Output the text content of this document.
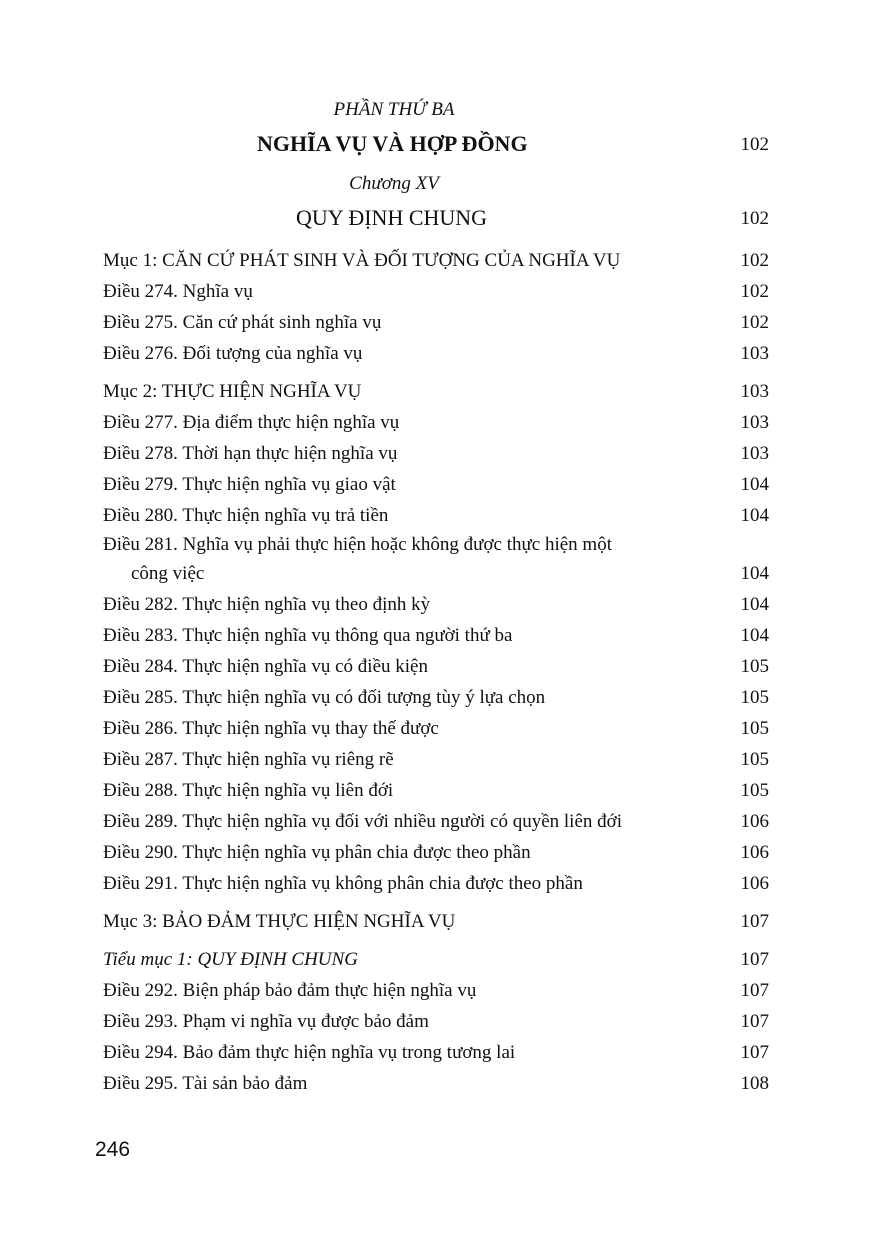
PHẦN THỨ BA
NGHĨA VỤ VÀ HỢP ĐỒNG	102
Chương XV
QUY ĐỊNH CHUNG	102
Mục 1: CĂN CỨ PHÁT SINH VÀ ĐỐI TƯỢNG CỦA NGHĨA VỤ	102
Điều 274. Nghĩa vụ	102
Điều 275. Căn cứ phát sinh nghĩa vụ	102
Điều 276. Đối tượng của nghĩa vụ	103
Mục 2: THỰC HIỆN NGHĨA VỤ	103
Điều 277. Địa điểm thực hiện nghĩa vụ	103
Điều 278. Thời hạn thực hiện nghĩa vụ	103
Điều 279. Thực hiện nghĩa vụ giao vật	104
Điều 280. Thực hiện nghĩa vụ trả tiền	104
Điều 281. Nghĩa vụ phải thực hiện hoặc không được thực hiện một
công việc	104
Điều 282. Thực hiện nghĩa vụ theo định kỳ	104
Điều 283. Thực hiện nghĩa vụ thông qua người thứ ba	104
Điều 284. Thực hiện nghĩa vụ có điều kiện	105
Điều 285. Thực hiện nghĩa vụ có đối tượng tùy ý lựa chọn	105
Điều 286. Thực hiện nghĩa vụ thay thế được	105
Điều 287. Thực hiện nghĩa vụ riêng rẽ	105
Điều 288. Thực hiện nghĩa vụ liên đới	105
Điều 289. Thực hiện nghĩa vụ đối với nhiều người có quyền liên đới	106
Điều 290. Thực hiện nghĩa vụ phân chia được theo phần	106
Điều 291. Thực hiện nghĩa vụ không phân chia được theo phần	106
Mục 3: BẢO ĐẢM THỰC HIỆN NGHĨA VỤ	107
Tiểu mục 1: QUY ĐỊNH CHUNG	107
Điều 292. Biện pháp bảo đảm thực hiện nghĩa vụ	107
Điều 293. Phạm vi nghĩa vụ được bảo đảm	107
Điều 294. Bảo đảm thực hiện nghĩa vụ trong tương lai	107
Điều 295. Tài sản bảo đảm	108
246
